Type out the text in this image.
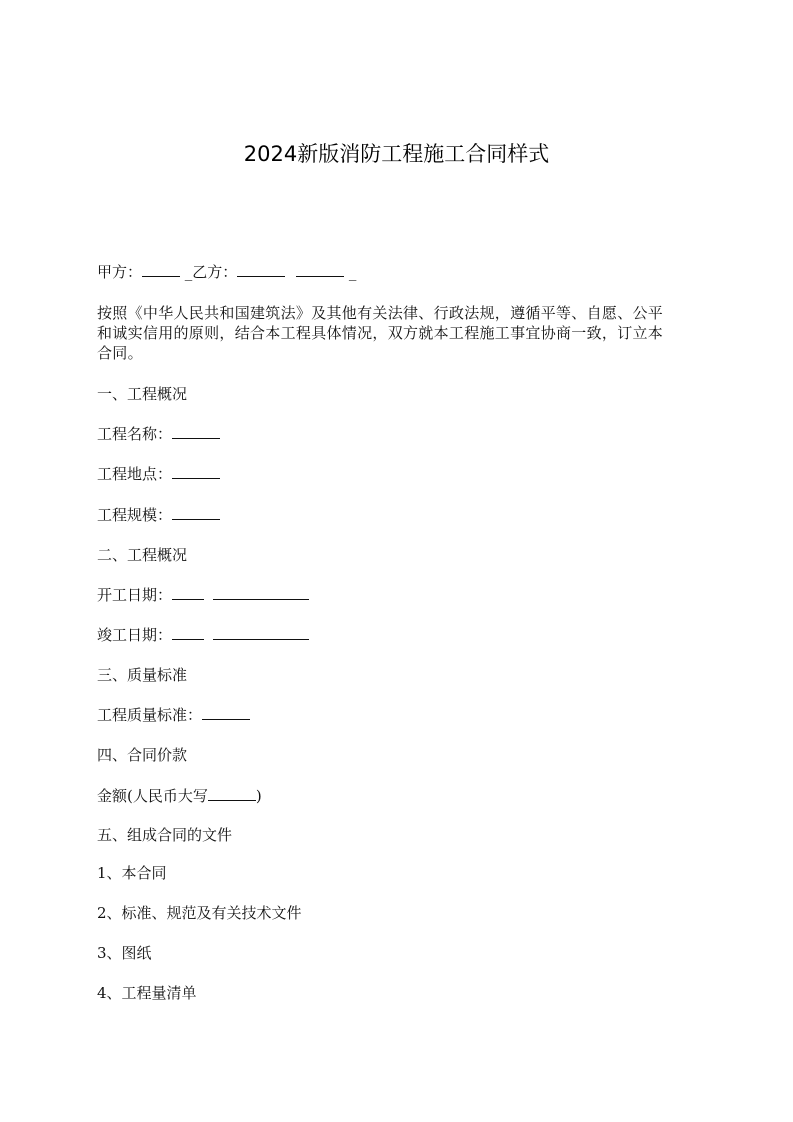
2024新版消防工程施工合同样式
甲方：	_乙方：	_
按照《中华人民共和国建筑法》及其他有关法律、行政法规，遵循平等、自愿、公平
和诚实信用的原则，结合本工程具体情况，双方就本工程施工事宜协商一致，订立本
合同。
一、工程概况
工程名称：
工程地点：
工程规模：
二、工程概况
开工日期：
竣工日期：
三、质量标准
工程质量标准：
四、合同价款
金额(人民币大写	)
五、组成合同的文件
1、本合同
2、标准、规范及有关技术文件
3、图纸
4、工程量清单
